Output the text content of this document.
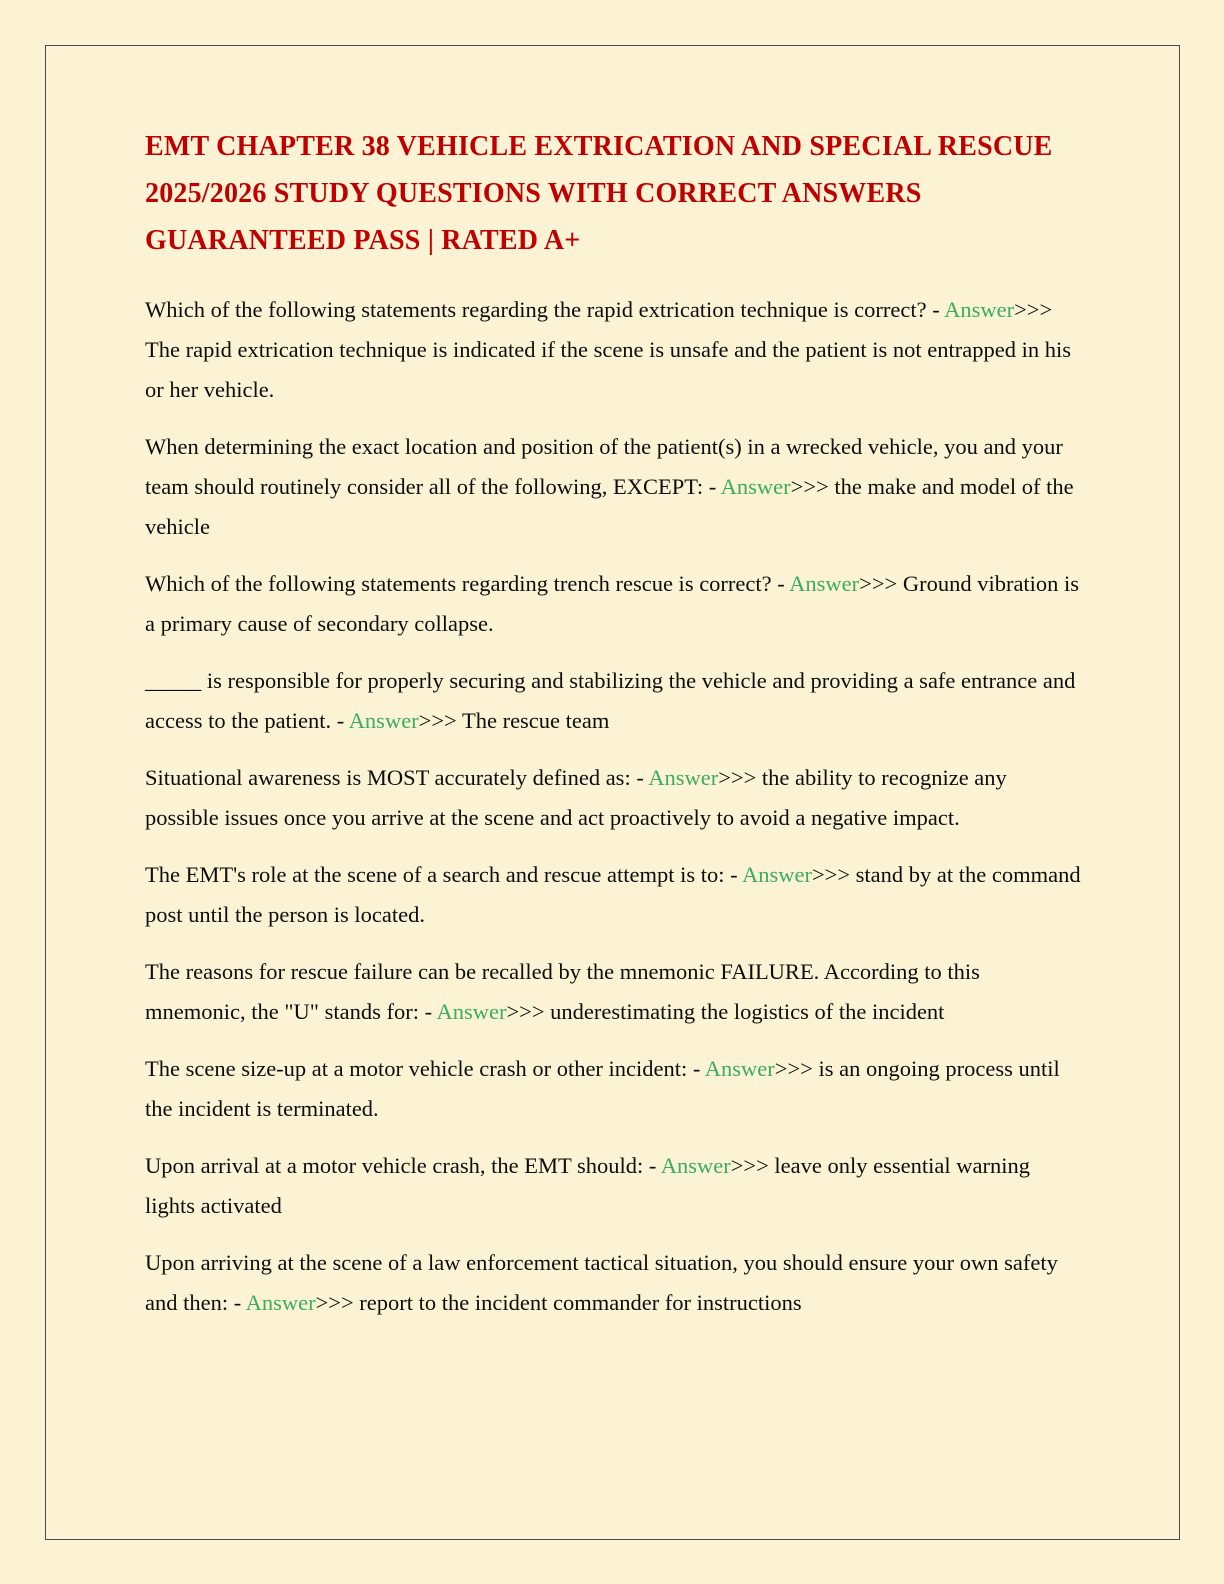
EMT CHAPTER 38 VEHICLE EXTRICATION AND SPECIAL RESCUE 2025/2026 STUDY QUESTIONS WITH CORRECT ANSWERS GUARANTEED PASS | RATED A+

Which of the following statements regarding the rapid extrication technique is correct? - Answer>>> The rapid extrication technique is indicated if the scene is unsafe and the patient is not entrapped in his or her vehicle.

When determining the exact location and position of the patient(s) in a wrecked vehicle, you and your team should routinely consider all of the following, EXCEPT: - Answer>>> the make and model of the vehicle

Which of the following statements regarding trench rescue is correct? - Answer>>> Ground vibration is a primary cause of secondary collapse.

_____ is responsible for properly securing and stabilizing the vehicle and providing a safe entrance and access to the patient. - Answer>>> The rescue team

Situational awareness is MOST accurately defined as: - Answer>>> the ability to recognize any possible issues once you arrive at the scene and act proactively to avoid a negative impact.

The EMT's role at the scene of a search and rescue attempt is to: - Answer>>> stand by at the command post until the person is located.

The reasons for rescue failure can be recalled by the mnemonic FAILURE. According to this mnemonic, the "U" stands for: - Answer>>> underestimating the logistics of the incident

The scene size-up at a motor vehicle crash or other incident: - Answer>>> is an ongoing process until the incident is terminated.

Upon arrival at a motor vehicle crash, the EMT should: - Answer>>> leave only essential warning lights activated

Upon arriving at the scene of a law enforcement tactical situation, you should ensure your own safety and then: - Answer>>> report to the incident commander for instructions
